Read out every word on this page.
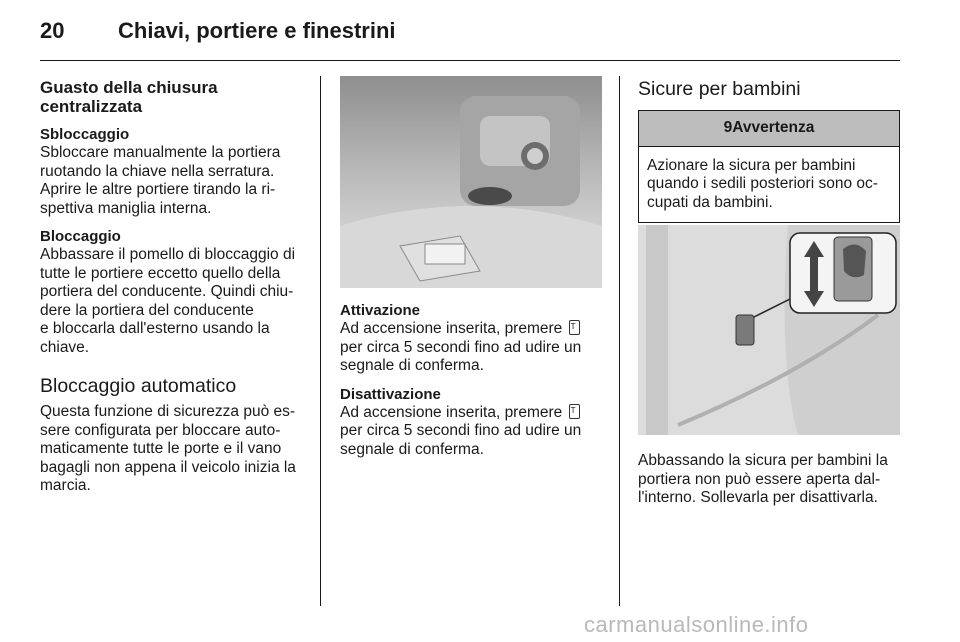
20 Chiavi, portiere e finestrini
Guasto della chiusura
centralizzata
Sbloccaggio

Sbloccare manualmente la portiera ruotando la chiave nella serratura. Aprire le altre portiere tirando la rispettiva maniglia interna.

Bloccaggio

Abbassare il pomello di bloccaggio di tutte le portiere eccetto quello della portiera del conducente. Quindi chiudere la portiera del conducente

e bloccarla dall'esterno usando la chiave.

Bloccaggio automatico

Questa funzione di sicurezza può essere configurata per bloccare automaticamente tutte le porte e il vano bagagli non appena il veicolo inizia la marcia.

Attivazione

Ad accensione inserita, premere T per circa 5 secondi fino ad udire un segnale di conferma.

Disattivazione

Ad accensione inserita, premere T per circa 5 secondi fino ad udire un segnale di conferma.

Sicure per bambini
9Avvertenza
Azionare la sicura per bambini quando i sedili posteriori sono occupati da bambini.

Abbassando la sicura per bambini la portiera non può essere aperta dall'interno. Sollevarla per disattivarla.

carmanualsonline.info
